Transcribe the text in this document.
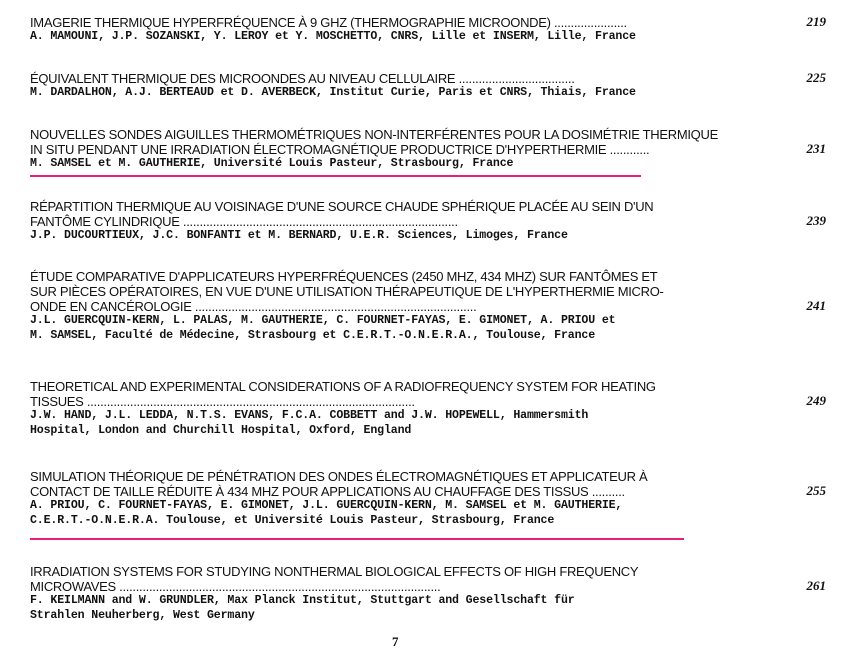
IMAGERIE THERMIQUE HYPERFRÉQUENCE À 9 GHZ (THERMOGRAPHIE MICROONDE) ......................	219
A. MAMOUNI, J.P. SOZANSKI, Y. LEROY et Y. MOSCHETTO, CNRS, Lille et INSERM, Lille, France
ÉQUIVALENT THERMIQUE DES MICROONDES AU NIVEAU CELLULAIRE ...................................	225
M. DARDALHON, A.J. BERTEAUD et D. AVERBECK, Institut Curie, Paris et CNRS, Thiais, France
NOUVELLES SONDES AIGUILLES THERMOMÉTRIQUES NON-INTERFÉRENTES POUR LA DOSIMÉTRIE THERMIQUE
IN SITU PENDANT UNE IRRADIATION ÉLECTROMAGNÉTIQUE PRODUCTRICE D'HYPERTHERMIE ............	231
M. SAMSEL et M. GAUTHERIE, Université Louis Pasteur, Strasbourg, France
RÉPARTITION THERMIQUE AU VOISINAGE D'UNE SOURCE CHAUDE SPHÉRIQUE PLACÉE AU SEIN D'UN
FANTÔME CYLINDRIQUE ...................................................................................	239
J.P. DUCOURTIEUX, J.C. BONFANTI et M. BERNARD, U.E.R. Sciences, Limoges, France
ÉTUDE COMPARATIVE D'APPLICATEURS HYPERFRÉQUENCES (2450 MHZ, 434 MHZ) SUR FANTÔMES ET
SUR PIÈCES OPÉRATOIRES, EN VUE D'UNE UTILISATION THÉRAPEUTIQUE DE L'HYPERTHERMIE MICRO-
ONDE EN CANCÉROLOGIE .....................................................................................	241
J.L. GUERCQUIN-KERN, L. PALAS, M. GAUTHERIE, C. FOURNET-FAYAS, E. GIMONET, A. PRIOU et
M. SAMSEL, Faculté de Médecine, Strasbourg et C.E.R.T.-O.N.E.R.A., Toulouse, France
THEORETICAL AND EXPERIMENTAL CONSIDERATIONS OF A RADIOFREQUENCY SYSTEM FOR HEATING
TISSUES ...................................................................................................	249
J.W. HAND, J.L. LEDDA, N.T.S. EVANS, F.C.A. COBBETT and J.W. HOPEWELL, Hammersmith
Hospital, London and Churchill Hospital, Oxford, England
SIMULATION THÉORIQUE DE PÉNÉTRATION DES ONDES ÉLECTROMAGNÉTIQUES ET APPLICATEUR À
CONTACT DE TAILLE RÉDUITE À 434 MHZ POUR APPLICATIONS AU CHAUFFAGE DES TISSUS ..........	255
A. PRIOU, C. FOURNET-FAYAS, E. GIMONET, J.L. GUERCQUIN-KERN, M. SAMSEL et M. GAUTHERIE,
C.E.R.T.-O.N.E.R.A. Toulouse, et Université Louis Pasteur, Strasbourg, France
IRRADIATION SYSTEMS FOR STUDYING NONTHERMAL BIOLOGICAL EFFECTS OF HIGH FREQUENCY
MICROWAVES .................................................................................................	261
F. KEILMANN and W. GRUNDLER, Max Planck Institut, Stuttgart and Gesellschaft für
Strahlen Neuherberg, West Germany
7
